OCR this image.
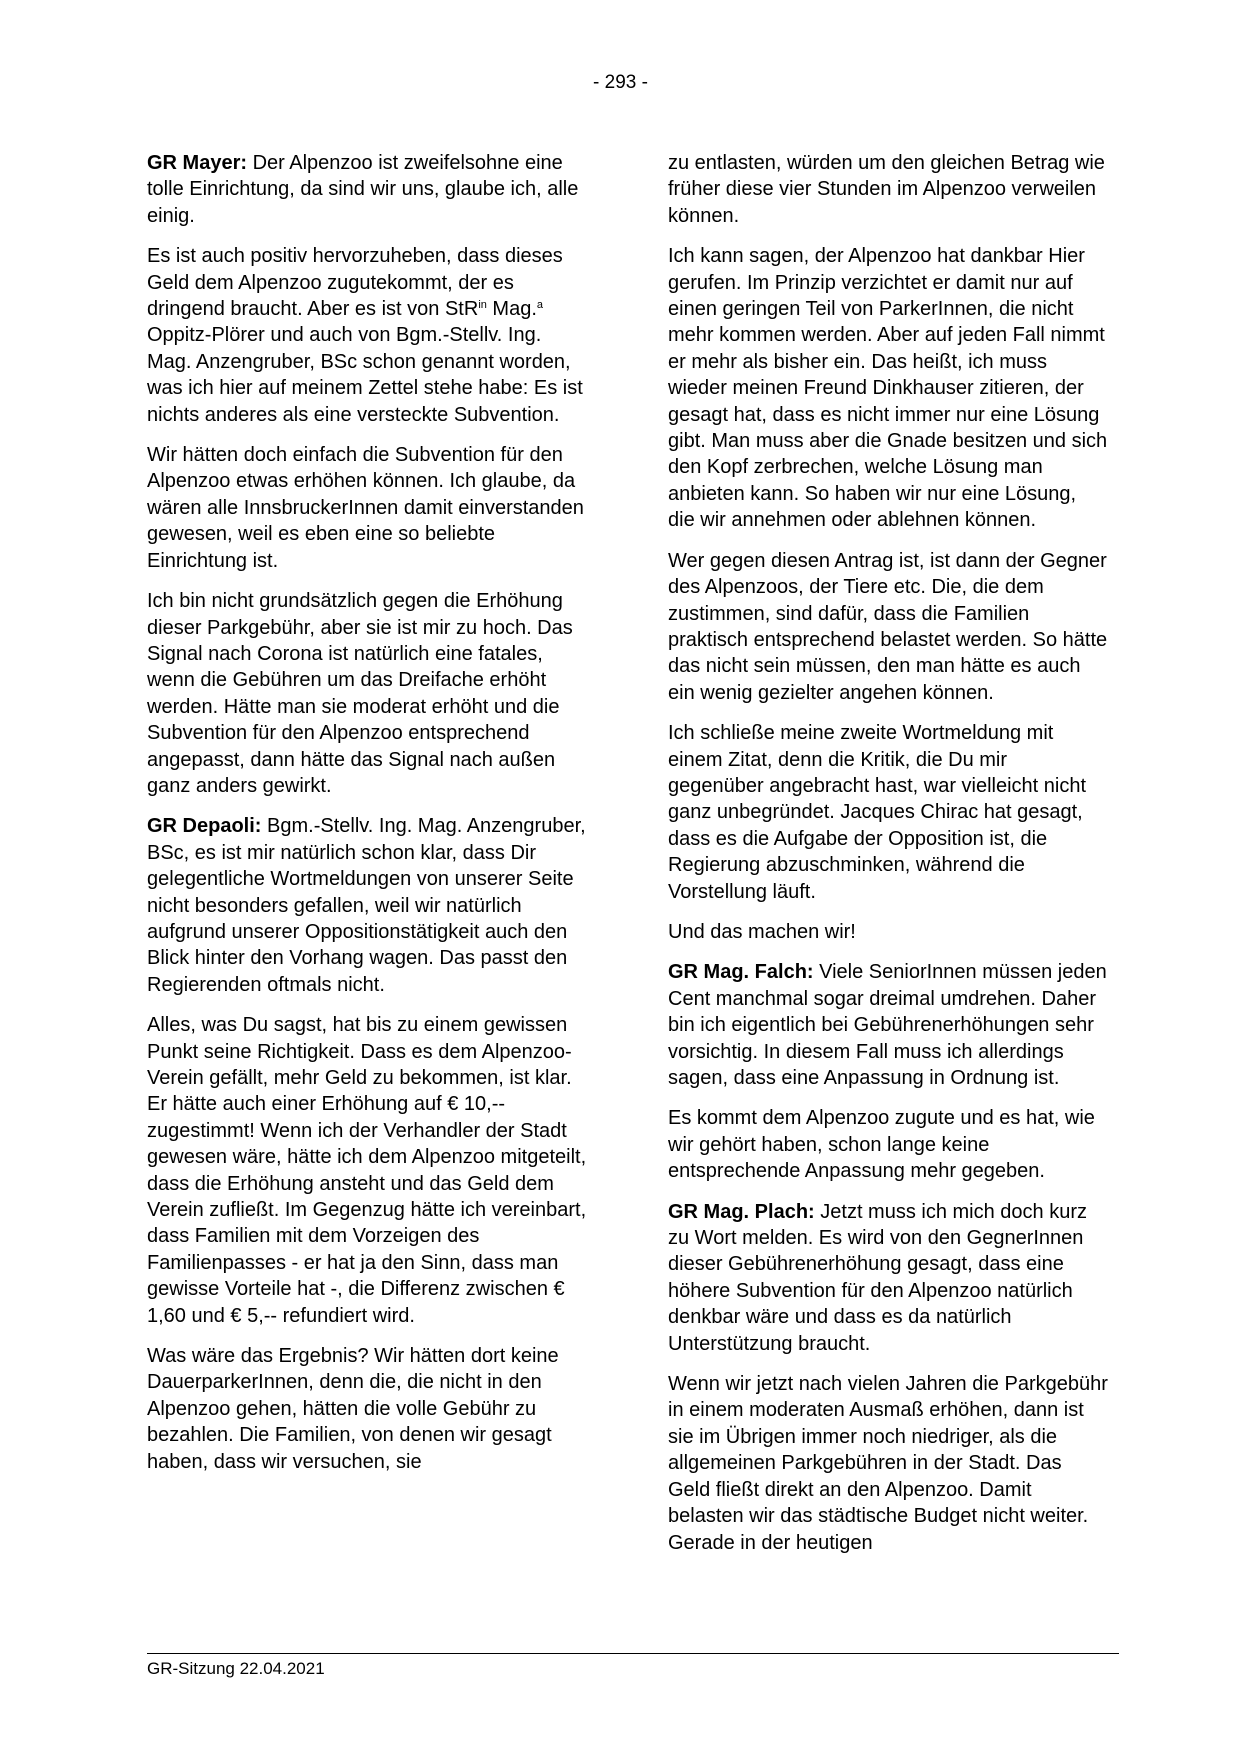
- 293 -

GR Mayer: Der Alpenzoo ist zweifelsohne eine tolle Einrichtung, da sind wir uns, glaube ich, alle einig.

Es ist auch positiv hervorzuheben, dass dieses Geld dem Alpenzoo zugutekommt, der es dringend braucht. Aber es ist von StR$^{in}$ Mag.$^a$ Oppitz-Plörer und auch von Bgm.-Stellv. Ing. Mag. Anzengruber, BSc schon genannt worden, was ich hier auf meinem Zettel stehe habe: Es ist nichts anderes als eine versteckte Subvention.

Wir hätten doch einfach die Subvention für den Alpenzoo etwas erhöhen können. Ich glaube, da wären alle InnsbruckerInnen damit einverstanden gewesen, weil es eben eine so beliebte Einrichtung ist.

Ich bin nicht grundsätzlich gegen die Erhöhung dieser Parkgebühr, aber sie ist mir zu hoch. Das Signal nach Corona ist natürlich eine fatales, wenn die Gebühren um das Dreifache erhöht werden. Hätte man sie moderat erhöht und die Subvention für den Alpenzoo entsprechend angepasst, dann hätte das Signal nach außen ganz anders gewirkt.

GR Depaoli: Bgm.-Stellv. Ing. Mag. Anzengruber, BSc, es ist mir natürlich schon klar, dass Dir gelegentliche Wortmeldungen von unserer Seite nicht besonders gefallen, weil wir natürlich aufgrund unserer Oppositionstätigkeit auch den Blick hinter den Vorhang wagen. Das passt den Regierenden oftmals nicht.

Alles, was Du sagst, hat bis zu einem gewissen Punkt seine Richtigkeit. Dass es dem Alpenzoo-Verein gefällt, mehr Geld zu bekommen, ist klar. Er hätte auch einer Erhöhung auf € 10,-- zugestimmt! Wenn ich der Verhandler der Stadt gewesen wäre, hätte ich dem Alpenzoo mitgeteilt, dass die Erhöhung ansteht und das Geld dem Verein zufließt. Im Gegenzug hätte ich vereinbart, dass Familien mit dem Vorzeigen des Familienpasses - er hat ja den Sinn, dass man gewisse Vorteile hat -, die Differenz zwischen € 1,60 und € 5,-- refundiert wird.

Was wäre das Ergebnis? Wir hätten dort keine DauerparkerInnen, denn die, die nicht in den Alpenzoo gehen, hätten die volle Gebühr zu bezahlen. Die Familien, von denen wir gesagt haben, dass wir versuchen, sie

zu entlasten, würden um den gleichen Betrag wie früher diese vier Stunden im Alpenzoo verweilen können.

Ich kann sagen, der Alpenzoo hat dankbar Hier gerufen. Im Prinzip verzichtet er damit nur auf einen geringen Teil von ParkerInnen, die nicht mehr kommen werden. Aber auf jeden Fall nimmt er mehr als bisher ein. Das heißt, ich muss wieder meinen Freund Dinkhauser zitieren, der gesagt hat, dass es nicht immer nur eine Lösung gibt. Man muss aber die Gnade besitzen und sich den Kopf zerbrechen, welche Lösung man anbieten kann. So haben wir nur eine Lösung, die wir annehmen oder ablehnen können.

Wer gegen diesen Antrag ist, ist dann der Gegner des Alpenzoos, der Tiere etc. Die, die dem zustimmen, sind dafür, dass die Familien praktisch entsprechend belastet werden. So hätte das nicht sein müssen, den man hätte es auch ein wenig gezielter angehen können.

Ich schließe meine zweite Wortmeldung mit einem Zitat, denn die Kritik, die Du mir gegenüber angebracht hast, war vielleicht nicht ganz unbegründet. Jacques Chirac hat gesagt, dass es die Aufgabe der Opposition ist, die Regierung abzuschminken, während die Vorstellung läuft.

Und das machen wir!

GR Mag. Falch: Viele SeniorInnen müssen jeden Cent manchmal sogar dreimal umdrehen. Daher bin ich eigentlich bei Gebührenerhöhungen sehr vorsichtig. In diesem Fall muss ich allerdings sagen, dass eine Anpassung in Ordnung ist.

Es kommt dem Alpenzoo zugute und es hat, wie wir gehört haben, schon lange keine entsprechende Anpassung mehr gegeben.

GR Mag. Plach: Jetzt muss ich mich doch kurz zu Wort melden. Es wird von den GegnerInnen dieser Gebührenerhöhung gesagt, dass eine höhere Subvention für den Alpenzoo natürlich denkbar wäre und dass es da natürlich Unterstützung braucht.

Wenn wir jetzt nach vielen Jahren die Parkgebühr in einem moderaten Ausmaß erhöhen, dann ist sie im Übrigen immer noch niedriger, als die allgemeinen Parkgebühren in der Stadt. Das Geld fließt direkt an den Alpenzoo. Damit belasten wir das städtische Budget nicht weiter. Gerade in der heutigen

GR-Sitzung 22.04.2021
